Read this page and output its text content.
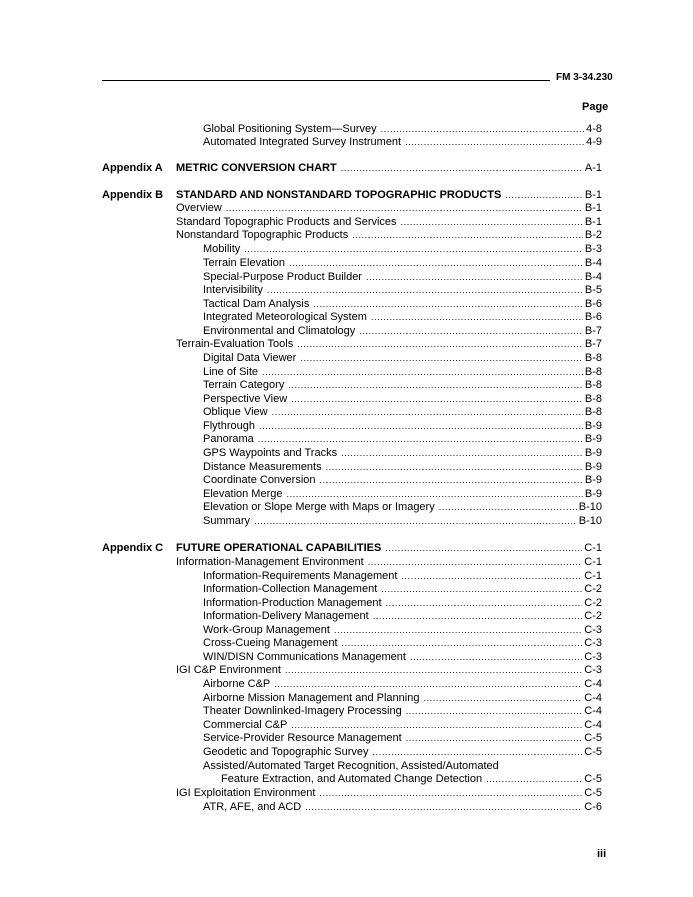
FM 3-34.230
Page
Global Positioning System—Survey .....	4-8
Automated Integrated Survey Instrument .....	4-9
Appendix A METRIC CONVERSION CHART .....	A-1
Appendix B STANDARD AND NONSTANDARD TOPOGRAPHIC PRODUCTS .....	B-1
Overview .....	B-1
Standard Topographic Products and Services .....	B-1
Nonstandard Topographic Products .....	B-2
Mobility .....	B-3
Terrain Elevation .....	B-4
Special-Purpose Product Builder .....	B-4
Intervisibility .....	B-5
Tactical Dam Analysis .....	B-6
Integrated Meteorological System .....	B-6
Environmental and Climatology .....	B-7
Terrain-Evaluation Tools .....	B-7
Digital Data Viewer .....	B-8
Line of Site .....	B-8
Terrain Category .....	B-8
Perspective View .....	B-8
Oblique View .....	B-8
Flythrough .....	B-9
Panorama .....	B-9
GPS Waypoints and Tracks .....	B-9
Distance Measurements .....	B-9
Coordinate Conversion .....	B-9
Elevation Merge .....	B-9
Elevation or Slope Merge with Maps or Imagery .....	B-10
Summary .....	B-10
Appendix C FUTURE OPERATIONAL CAPABILITIES .....	C-1
Information-Management Environment .....	C-1
Information-Requirements Management .....	C-1
Information-Collection Management .....	C-2
Information-Production Management .....	C-2
Information-Delivery Management .....	C-2
Work-Group Management .....	C-3
Cross-Cueing Management .....	C-3
WIN/DISN Communications Management .....	C-3
IGI C&P Environment .....	C-3
Airborne C&P .....	C-4
Airborne Mission Management and Planning .....	C-4
Theater Downlinked-Imagery Processing .....	C-4
Commercial C&P .....	C-4
Service-Provider Resource Management .....	C-5
Geodetic and Topographic Survey .....	C-5
Assisted/Automated Target Recognition, Assisted/Automated
Feature Extraction, and Automated Change Detection .....	C-5
IGI Exploitation Environment .....	C-5
ATR, AFE, and ACD .....	C-6
iii
